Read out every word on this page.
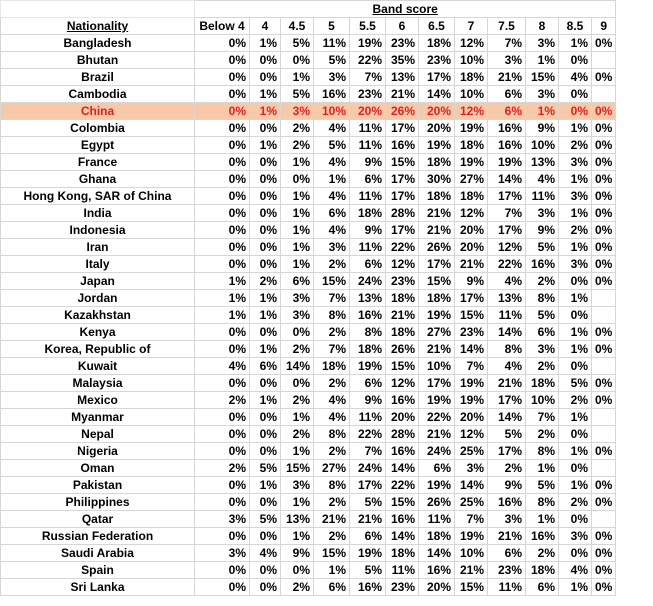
	Band score											
Nationality	Below 4	4	4.5	5	5.5	6	6.5	7	7.5	8	8.5	9
Bangladesh	0%	1%	5%	11%	19%	23%	18%	12%	7%	3%	1%	0%
Bhutan	0%	0%	0%	5%	22%	35%	23%	10%	3%	1%	0%	
Brazil	0%	0%	1%	3%	7%	13%	17%	18%	21%	15%	4%	0%
Cambodia	0%	1%	5%	16%	23%	21%	14%	10%	6%	3%	0%	
China	0%	1%	3%	10%	20%	26%	20%	12%	6%	1%	0%	0%
Colombia	0%	0%	2%	4%	11%	17%	20%	19%	16%	9%	1%	0%
Egypt	0%	1%	2%	5%	11%	16%	19%	18%	16%	10%	2%	0%
France	0%	0%	1%	4%	9%	15%	18%	19%	19%	13%	3%	0%
Ghana	0%	0%	0%	1%	6%	17%	30%	27%	14%	4%	1%	0%
Hong Kong, SAR of China	0%	0%	1%	4%	11%	17%	18%	18%	17%	11%	3%	0%
India	0%	0%	1%	6%	18%	28%	21%	12%	7%	3%	1%	0%
Indonesia	0%	0%	1%	4%	9%	17%	21%	20%	17%	9%	2%	0%
Iran	0%	0%	1%	3%	11%	22%	26%	20%	12%	5%	1%	0%
Italy	0%	0%	1%	2%	6%	12%	17%	21%	22%	16%	3%	0%
Japan	1%	2%	6%	15%	24%	23%	15%	9%	4%	2%	0%	0%
Jordan	1%	1%	3%	7%	13%	18%	18%	17%	13%	8%	1%	
Kazakhstan	1%	1%	3%	8%	16%	21%	19%	15%	11%	5%	0%	
Kenya	0%	0%	0%	2%	8%	18%	27%	23%	14%	6%	1%	0%
Korea, Republic of	0%	1%	2%	7%	18%	26%	21%	14%	8%	3%	1%	0%
Kuwait	4%	6%	14%	18%	19%	15%	10%	7%	4%	2%	0%	
Malaysia	0%	0%	0%	2%	6%	12%	17%	19%	21%	18%	5%	0%
Mexico	2%	1%	2%	4%	9%	16%	19%	19%	17%	10%	2%	0%
Myanmar	0%	0%	1%	4%	11%	20%	22%	20%	14%	7%	1%	
Nepal	0%	0%	2%	8%	22%	28%	21%	12%	5%	2%	0%	
Nigeria	0%	0%	1%	2%	7%	16%	24%	25%	17%	8%	1%	0%
Oman	2%	5%	15%	27%	24%	14%	6%	3%	2%	1%	0%	
Pakistan	0%	1%	3%	8%	17%	22%	19%	14%	9%	5%	1%	0%
Philippines	0%	0%	1%	2%	5%	15%	26%	25%	16%	8%	2%	0%
Qatar	3%	5%	13%	21%	21%	16%	11%	7%	3%	1%	0%	
Russian Federation	0%	0%	1%	2%	6%	14%	18%	19%	21%	16%	3%	0%
Saudi Arabia	3%	4%	9%	15%	19%	18%	14%	10%	6%	2%	0%	0%
Spain	0%	0%	0%	1%	5%	11%	16%	21%	23%	18%	4%	0%
Sri Lanka	0%	0%	2%	6%	16%	23%	20%	15%	11%	6%	1%	0%
